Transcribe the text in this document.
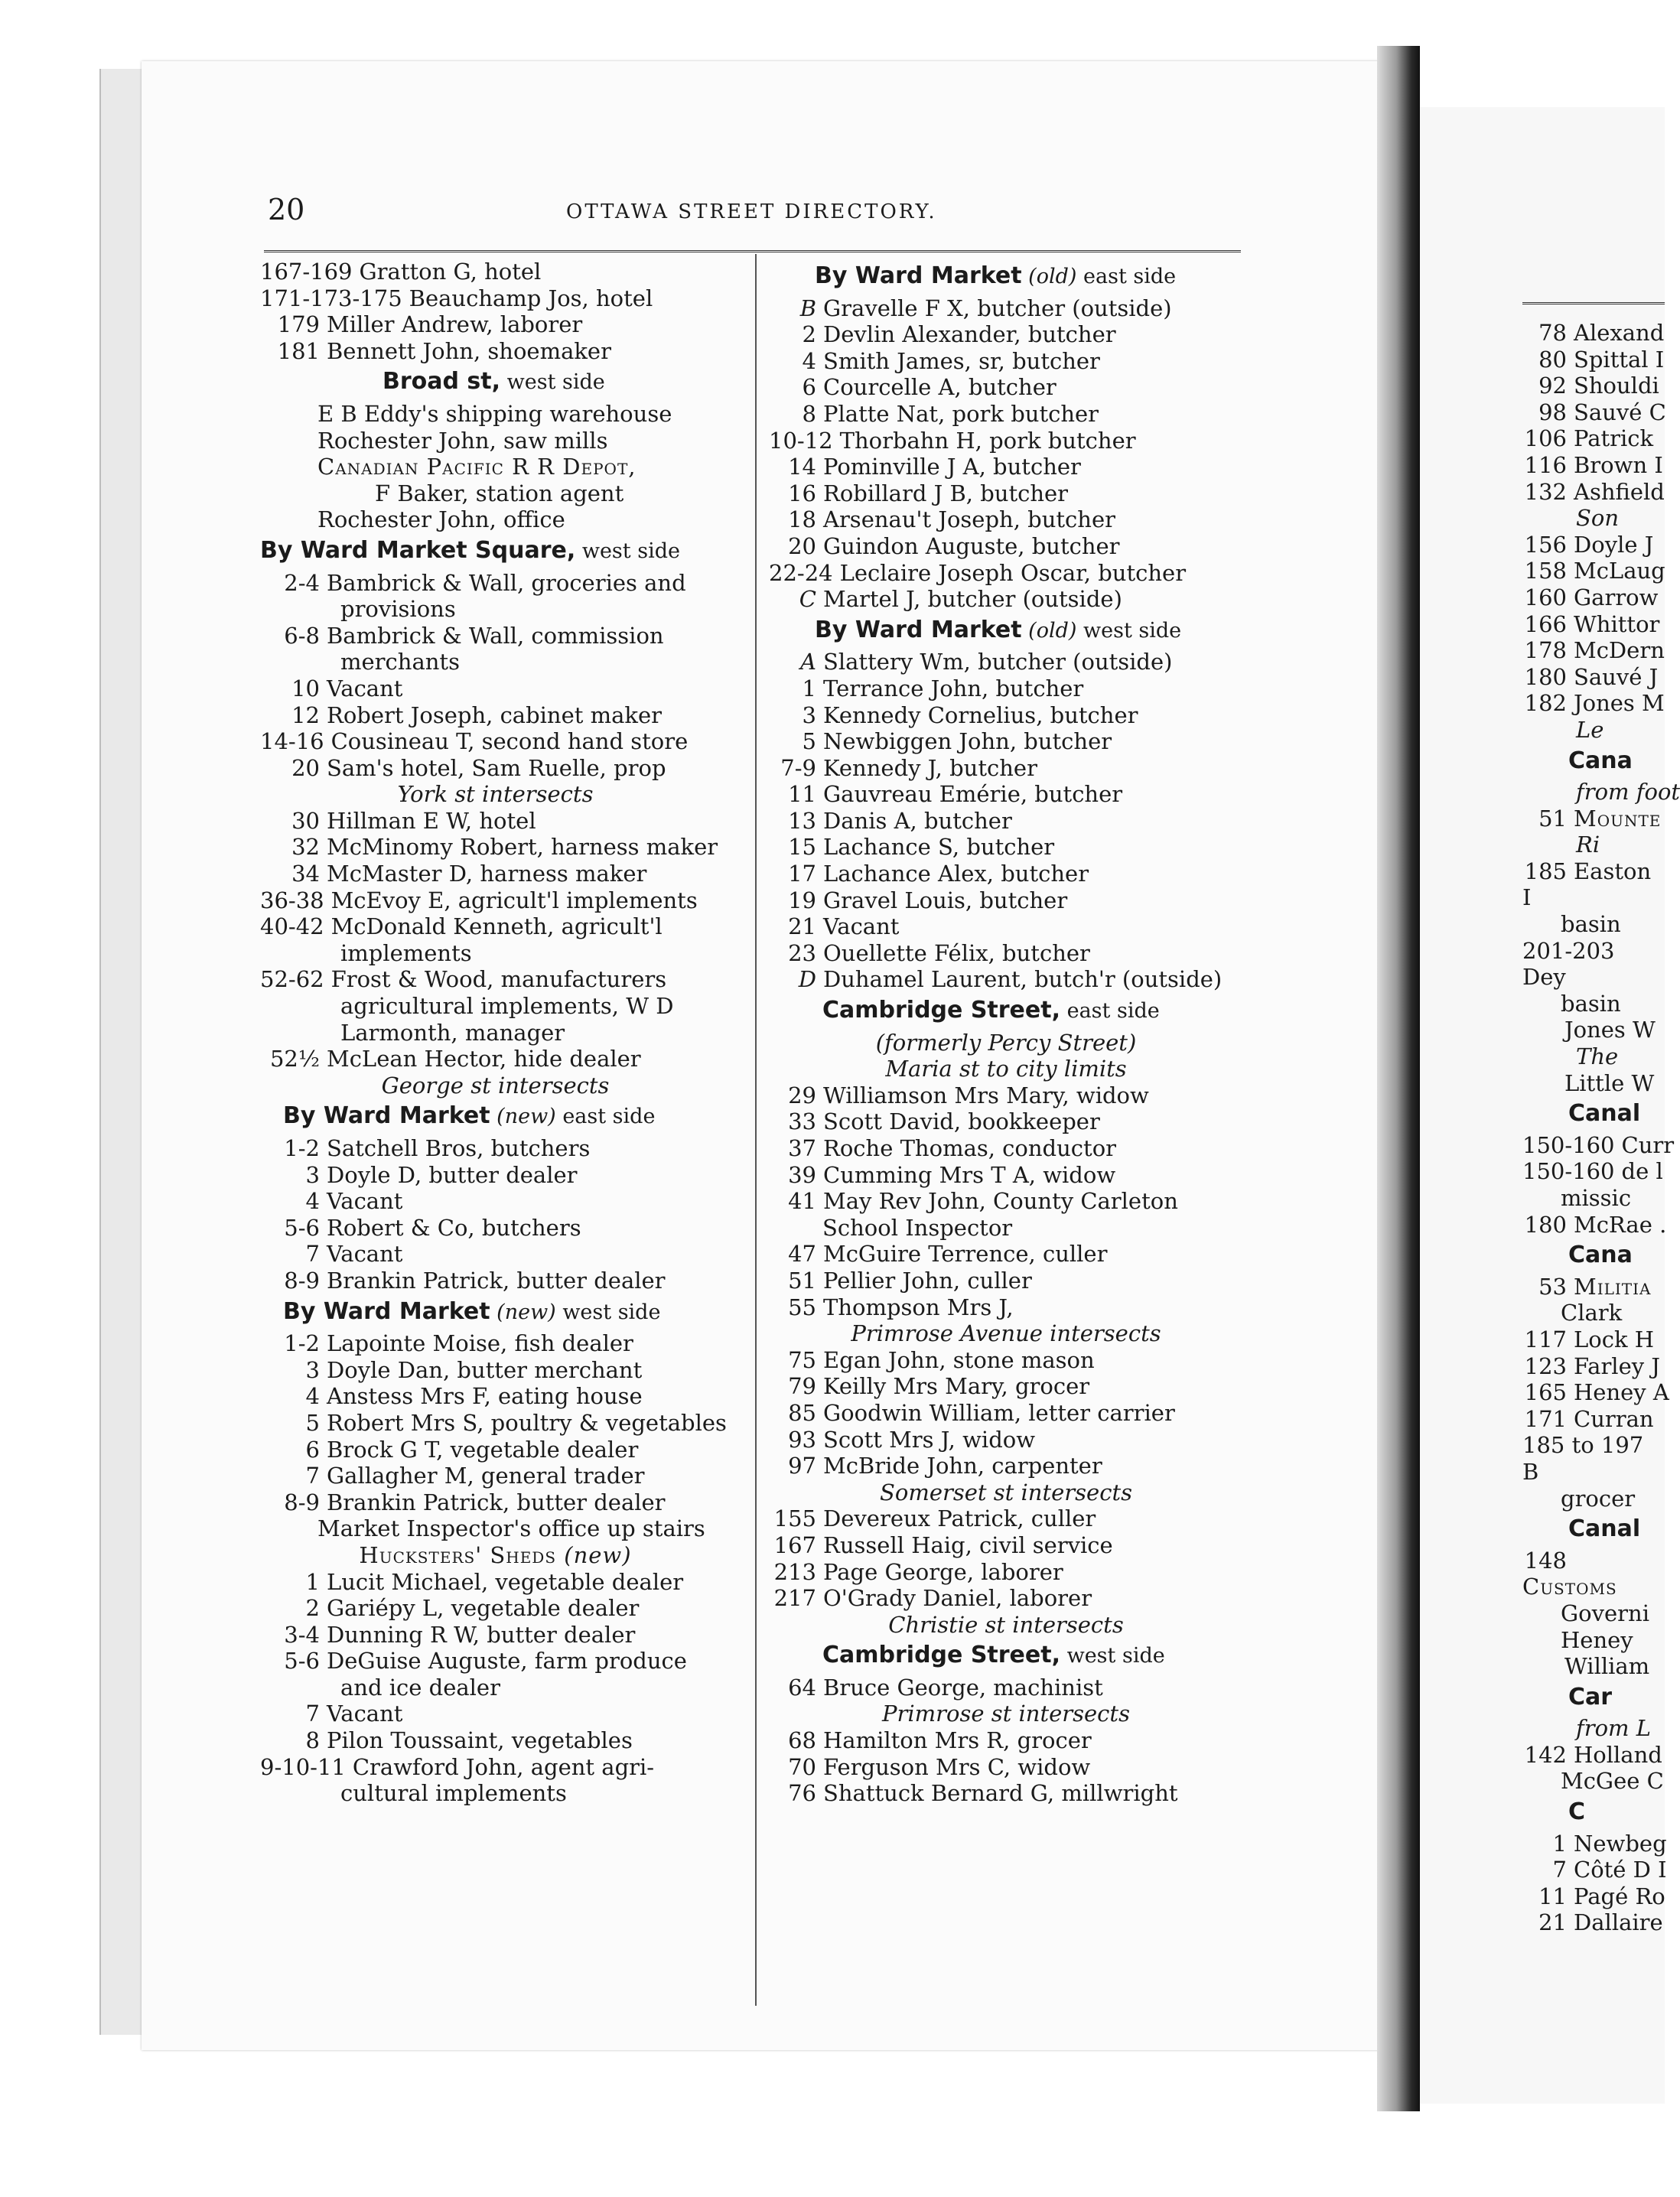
20	OTTAWA STREET DIRECTORY.
167-169 Gratton G, hotel
171-173-175 Beauchamp Jos, hotel
179 Miller Andrew, laborer
181 Bennett John, shoemaker
Broad st, west side
E B Eddy's shipping warehouse
Rochester John, saw mills
Canadian Pacific R R Depot,
F Baker, station agent
Rochester John, office
By Ward Market Square, west side
2-4 Bambrick & Wall, groceries and
provisions
6-8 Bambrick & Wall, commission
merchants
10 Vacant
12 Robert Joseph, cabinet maker
14-16 Cousineau T, second hand store
20 Sam's hotel, Sam Ruelle, prop
York st intersects
30 Hillman E W, hotel
32 McMinomy Robert, harness maker
34 McMaster D, harness maker
36-38 McEvoy E, agricult'l implements
40-42 McDonald Kenneth, agricult'l
implements
52-62 Frost & Wood, manufacturers
agricultural implements, W D
Larmonth, manager
52½ McLean Hector, hide dealer
George st intersects
By Ward Market (new) east side
1-2 Satchell Bros, butchers
3 Doyle D, butter dealer
4 Vacant
5-6 Robert & Co, butchers
7 Vacant
8-9 Brankin Patrick, butter dealer
By Ward Market (new) west side
1-2 Lapointe Moise, fish dealer
3 Doyle Dan, butter merchant
4 Anstess Mrs F, eating house
5 Robert Mrs S, poultry & vegetables
6 Brock G T, vegetable dealer
7 Gallagher M, general trader
8-9 Brankin Patrick, butter dealer
Market Inspector's office up stairs
Hucksters' Sheds (new)
1 Lucit Michael, vegetable dealer
2 Gariépy L, vegetable dealer
3-4 Dunning R W, butter dealer
5-6 DeGuise Auguste, farm produce
and ice dealer
7 Vacant
8 Pilon Toussaint, vegetables
9-10-11 Crawford John, agent agri-
cultural implements
By Ward Market (old) east side
B Gravelle F X, butcher (outside)
2 Devlin Alexander, butcher
4 Smith James, sr, butcher
6 Courcelle A, butcher
8 Platte Nat, pork butcher
10-12 Thorbahn H, pork butcher
14 Pominville J A, butcher
16 Robillard J B, butcher
18 Arsenau't Joseph, butcher
20 Guindon Auguste, butcher
22-24 Leclaire Joseph Oscar, butcher
C Martel J, butcher (outside)
By Ward Market (old) west side
A Slattery Wm, butcher (outside)
1 Terrance John, butcher
3 Kennedy Cornelius, butcher
5 Newbiggen John, butcher
7-9 Kennedy J, butcher
11 Gauvreau Emérie, butcher
13 Danis A, butcher
15 Lachance S, butcher
17 Lachance Alex, butcher
19 Gravel Louis, butcher
21 Vacant
23 Ouellette Félix, butcher
D Duhamel Laurent, butch'r (outside)
Cambridge Street, east side
(formerly Percy Street)
Maria st to city limits
29 Williamson Mrs Mary, widow
33 Scott David, bookkeeper
37 Roche Thomas, conductor
39 Cumming Mrs T A, widow
41 May Rev John, County Carleton
School Inspector
47 McGuire Terrence, culler
51 Pellier John, culler
55 Thompson Mrs J,
Primrose Avenue intersects
75 Egan John, stone mason
79 Keilly Mrs Mary, grocer
85 Goodwin William, letter carrier
93 Scott Mrs J, widow
97 McBride John, carpenter
Somerset st intersects
155 Devereux Patrick, culler
167 Russell Haig, civil service
213 Page George, laborer
217 O'Grady Daniel, laborer
Christie st intersects
Cambridge Street, west side
64 Bruce George, machinist
Primrose st intersects
68 Hamilton Mrs R, grocer
70 Ferguson Mrs C, widow
76 Shattuck Bernard G, millwright
78 Alexand
80 Spittal I
92 Shouldi
98 Sauvé C
106 Patrick
116 Brown I
132 Ashfield
Son
156 Doyle J
158 McLaug
160 Garrow
166 Whittor
178 McDern
180 Sauvé J
182 Jones M
Le
Cana
from foot
51 Mounte
Ri
185 Easton I
basin
201-203Dey
basin
Jones W
The
Little W
Canal
150-160 Curr
150-160 de l
missic
180 McRae .
Cana
53 Militia
Clark
117 Lock H
123 Farley J
165 Heney A
171 Curran
185 to 197B
grocer
Canal
148Customs
Governi
Heney
William
Car
from L
142 Holland
McGee C
C
1 Newbeg
7 Côté D I
11 Pagé Ro
21 Dallaire
